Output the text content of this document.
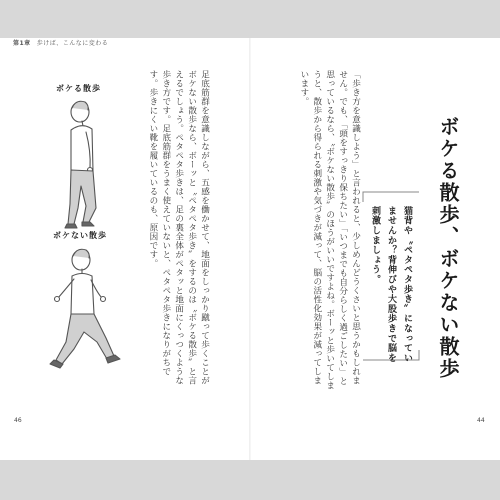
第1章 歩けば、こんなに変わる
ボケる散歩
ボケない散歩	足底筋群を意識しながら、五感を働かせて、地面をしっかり蹴って歩くことがボケない散歩なら、ボーッと〝ペタペタ歩き〟をするのは〝ボケる散歩〟と言えるでしょう。ペタペタ歩きは、足の裏全体がペタッと地面にくっつくような歩き方です。足底筋群をうまく使えていないと、ペタペタ歩きになりがちです。歩きにくい靴を履いているのも、原因です。	「歩き方を意識しよう」と言われると、少しめんどうくさいと思うかもしれません。でも、「頭をすっきり保ちたい」「いつまでも自分らしく過ごしたい」と思っているなら、〝ボケない散歩〟のほうがいいですよね。ボーッと歩いてしまうと、散歩から得られる刺激や気づきが減って、脳の活性化効果が減ってしまいます。
猫背や〝ペタペタ歩き〟になっていませんか？背伸びや大股歩きで脳を刺激しましょう。	ボケる散歩、ボケない散歩
46	44
